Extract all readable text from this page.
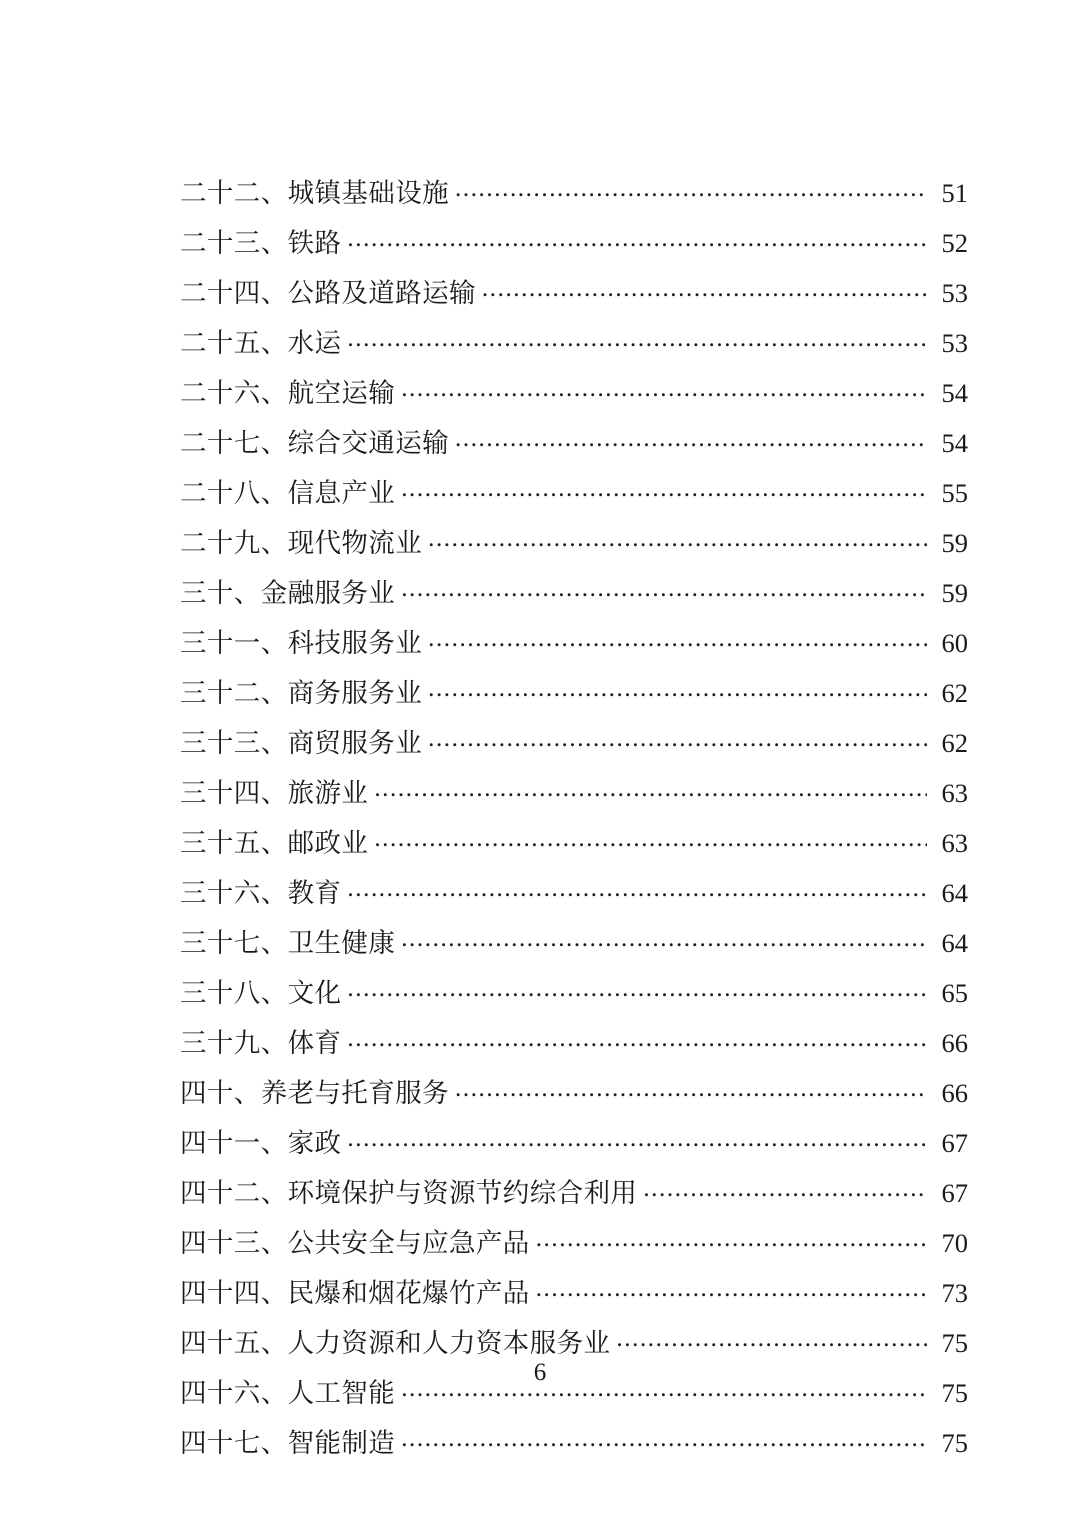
二十二、城镇基础设施 .....	51
二十三、铁路 .....	52
二十四、公路及道路运输 .....	53
二十五、水运 .....	53
二十六、航空运输 .....	54
二十七、综合交通运输 .....	54
二十八、信息产业 .....	55
二十九、现代物流业 .....	59
三十、金融服务业 .....	59
三十一、科技服务业 .....	60
三十二、商务服务业 .....	62
三十三、商贸服务业 .....	62
三十四、旅游业 .....	63
三十五、邮政业 .....	63
三十六、教育 .....	64
三十七、卫生健康 .....	64
三十八、文化 .....	65
三十九、体育 .....	66
四十、养老与托育服务 .....	66
四十一、家政 .....	67
四十二、环境保护与资源节约综合利用 .....	67
四十三、公共安全与应急产品 .....	70
四十四、民爆和烟花爆竹产品 .....	73
四十五、人力资源和人力资本服务业 .....	75
四十六、人工智能 .....	75
四十七、智能制造 .....	75
6
